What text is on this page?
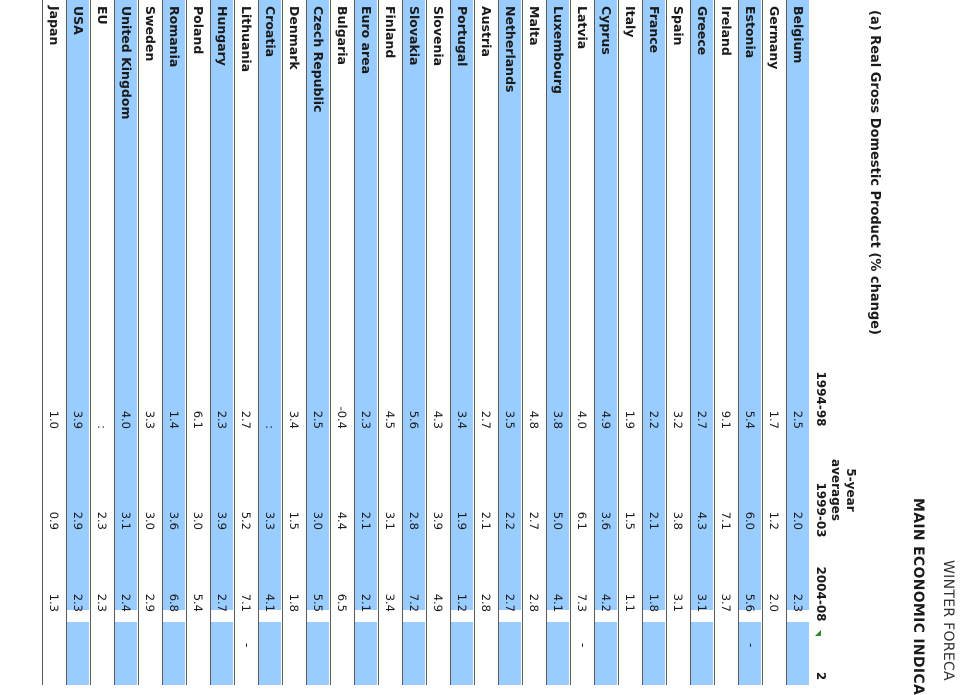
WINTER FORECA
MAIN ECONOMIC INDICA
(a) Real Gross Domestic Product (% change)
5-year
averages
1994-98
1999-03
2004-08
2
Belgium
2.5
2.0
2.3
Germany
1.7
1.2
2.0
Estonia
5.4
6.0
5.6
-
Ireland
9.1
7.1
3.7
Greece
2.7
4.3
3.1
Spain
3.2
3.8
3.1
France
2.2
2.1
1.8
Italy
1.9
1.5
1.1
Cyprus
4.9
3.6
4.2
Latvia
4.0
6.1
7.3
-
Luxembourg
3.8
5.0
4.1
Malta
4.8
2.7
2.8
Netherlands
3.5
2.2
2.7
Austria
2.7
2.1
2.8
Portugal
3.4
1.9
1.2
Slovenia
4.3
3.9
4.9
Slovakia
5.6
2.8
7.2
Finland
4.5
3.1
3.4
Euro area
2.3
2.1
2.1
Bulgaria
-0.4
4.4
6.5
Czech Republic
2.5
3.0
5.5
Denmark
3.4
1.5
1.8
Croatia
:
3.3
4.1
Lithuania
2.7
5.2
7.1
-
Hungary
2.3
3.9
2.7
Poland
6.1
3.0
5.4
Romania
1.4
3.6
6.8
Sweden
3.3
3.0
2.9
United Kingdom
4.0
3.1
2.4
EU
:
2.3
2.3
USA
3.9
2.9
2.3
Japan
1.0
0.9
1.3
